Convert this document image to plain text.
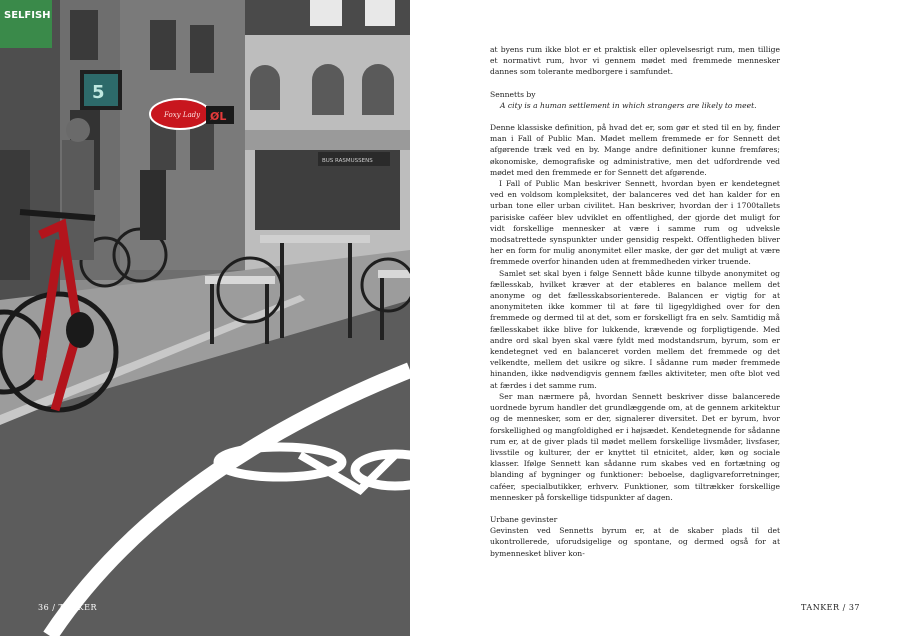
SELFISH
5
Foxy Lady ØL
BUS RASMUSSENS
36 / TANKER

at byens rum ikke blot er et praktisk eller oplevelsesrigt rum, men tillige et normativt rum, hvor vi gennem mødet med fremmede mennesker dannes som tolerante medborgere i samfundet.

Sennetts by

A city is a human settlement in which strangers are likely to meet.

Denne klassiske definition, på hvad det er, som gør et sted til en by, finder man i Fall of Public Man. Mødet mellem fremmede er for Sennett det afgørende træk ved en by. Mange andre definitioner kunne fremføres; økonomiske, demografiske og administrative, men det udfordrende ved mødet med den fremmede er for Sennett det afgørende.

I Fall of Public Man beskriver Sennett, hvordan byen er kendetegnet ved en voldsom kompleksitet, der balanceres ved det han kalder for en urban tone eller urban civilitet. Han beskriver, hvordan der i 1700tallets parisiske caféer blev udviklet en offentlighed, der gjorde det muligt for vidt forskellige mennesker at være i samme rum og udveksle modsatrettede synspunkter under gensidig respekt. Offentligheden bliver her en form for mulig anonymitet eller maske, der gør det muligt at være fremmede overfor hinanden uden at fremmedheden virker truende.

Samlet set skal byen i følge Sennett både kunne tilbyde anonymitet og fællesskab, hvilket kræver at der etableres en balance mellem det anonyme og det fællesskabsorienterede. Balancen er vigtig for at anonymiteten ikke kommer til at føre til ligegyldighed over for den fremmede og dermed til at det, som er forskelligt fra en selv. Samtidig må fællesskabet ikke blive for lukkende, krævende og forpligtigende. Med andre ord skal byen skal være fyldt med modstandsrum, byrum, som er kendetegnet ved en balanceret vorden mellem det fremmede og det velkendte, mellem det usikre og sikre. I sådanne rum møder fremmede hinanden, ikke nødvendigvis gennem fælles aktiviteter, men ofte blot ved at færdes i det samme rum.

Ser man nærmere på, hvordan Sennett beskriver disse balancerede uordnede byrum handler det grundlæggende om, at de gennem arkitektur og de mennesker, som er der, signalerer diversitet. Det er byrum, hvor forskellighed og mangfoldighed er i højsædet. Kendetegnende for sådanne rum er, at de giver plads til mødet mellem forskellige livsmåder, livsfaser, livsstile og kulturer, der er knyttet til etnicitet, alder, køn og sociale klasser. Ifølge Sennett kan sådanne rum skabes ved en fortætning og blanding af bygninger og funktioner: beboelse, dagligvareforretninger, caféer, specialbutikker, erhverv. Funktioner, som tiltrækker forskellige mennesker på forskellige tidspunkter af dagen.

Urbane gevinster

Gevinsten ved Sennetts byrum er, at de skaber plads til det ukontrollerede, uforudsigelige og spontane, og dermed også for at bymennesket bliver kon-

TANKER / 37
